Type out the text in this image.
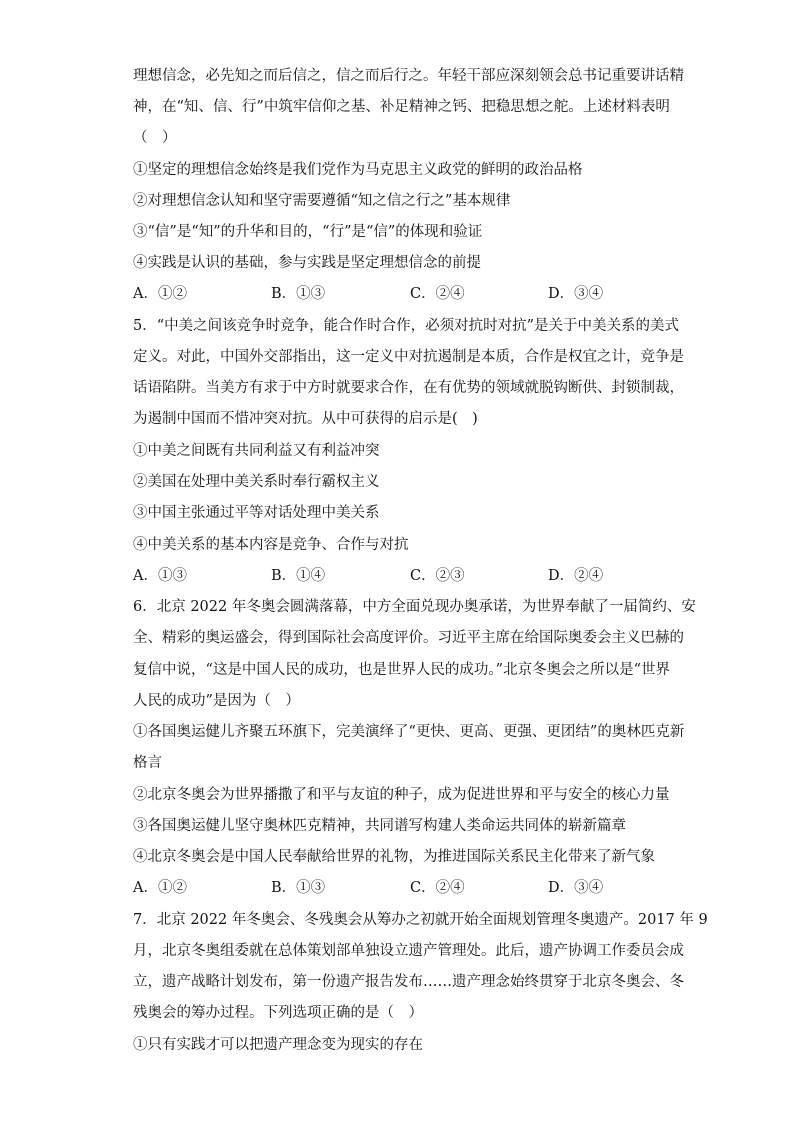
理想信念，必先知之而后信之，信之而后行之。年轻干部应深刻领会总书记重要讲话精
神，在“知、信、行”中筑牢信仰之基、补足精神之钙、把稳思想之舵。上述材料表明
（　）
①坚定的理想信念始终是我们党作为马克思主义政党的鲜明的政治品格
②对理想信念认知和坚守需要遵循“知之信之行之”基本规律
③“信”是“知”的升华和目的，“行”是“信”的体现和验证
④实践是认识的基础，参与实践是坚定理想信念的前提
A．①②	B．①③	C．②④	D．③④
5．“中美之间该竞争时竞争，能合作时合作，必须对抗时对抗”是关于中美关系的美式
定义。对此，中国外交部指出，这一定义中对抗遏制是本质，合作是权宜之计，竞争是
话语陷阱。当美方有求于中方时就要求合作，在有优势的领域就脱钩断供、封锁制裁，
为遏制中国而不惜冲突对抗。从中可获得的启示是(　)
①中美之间既有共同利益又有利益冲突
②美国在处理中美关系时奉行霸权主义
③中国主张通过平等对话处理中美关系
④中美关系的基本内容是竞争、合作与对抗
A．①③	B．①④	C．②③	D．②④
6．北京 2022 年冬奥会圆满落幕，中方全面兑现办奥承诺，为世界奉献了一届简约、安
全、精彩的奥运盛会，得到国际社会高度评价。习近平主席在给国际奥委会主义巴赫的
复信中说，“这是中国人民的成功，也是世界人民的成功。”北京冬奥会之所以是“世界
人民的成功”是因为（　）
①各国奥运健儿齐聚五环旗下，完美演绎了“更快、更高、更强、更团结”的奥林匹克新
格言
②北京冬奥会为世界播撒了和平与友谊的种子，成为促进世界和平与安全的核心力量
③各国奥运健儿坚守奥林匹克精神，共同谱写构建人类命运共同体的崭新篇章
④北京冬奥会是中国人民奉献给世界的礼物，为推进国际关系民主化带来了新气象
A．①②	B．①③	C．②④	D．③④
7．北京 2022 年冬奥会、冬残奥会从筹办之初就开始全面规划管理冬奥遗产。2017 年 9
月，北京冬奥组委就在总体策划部单独设立遗产管理处。此后，遗产协调工作委员会成
立，遗产战略计划发布，第一份遗产报告发布……遗产理念始终贯穿于北京冬奥会、冬
残奥会的筹办过程。下列选项正确的是（　）
①只有实践才可以把遗产理念变为现实的存在
